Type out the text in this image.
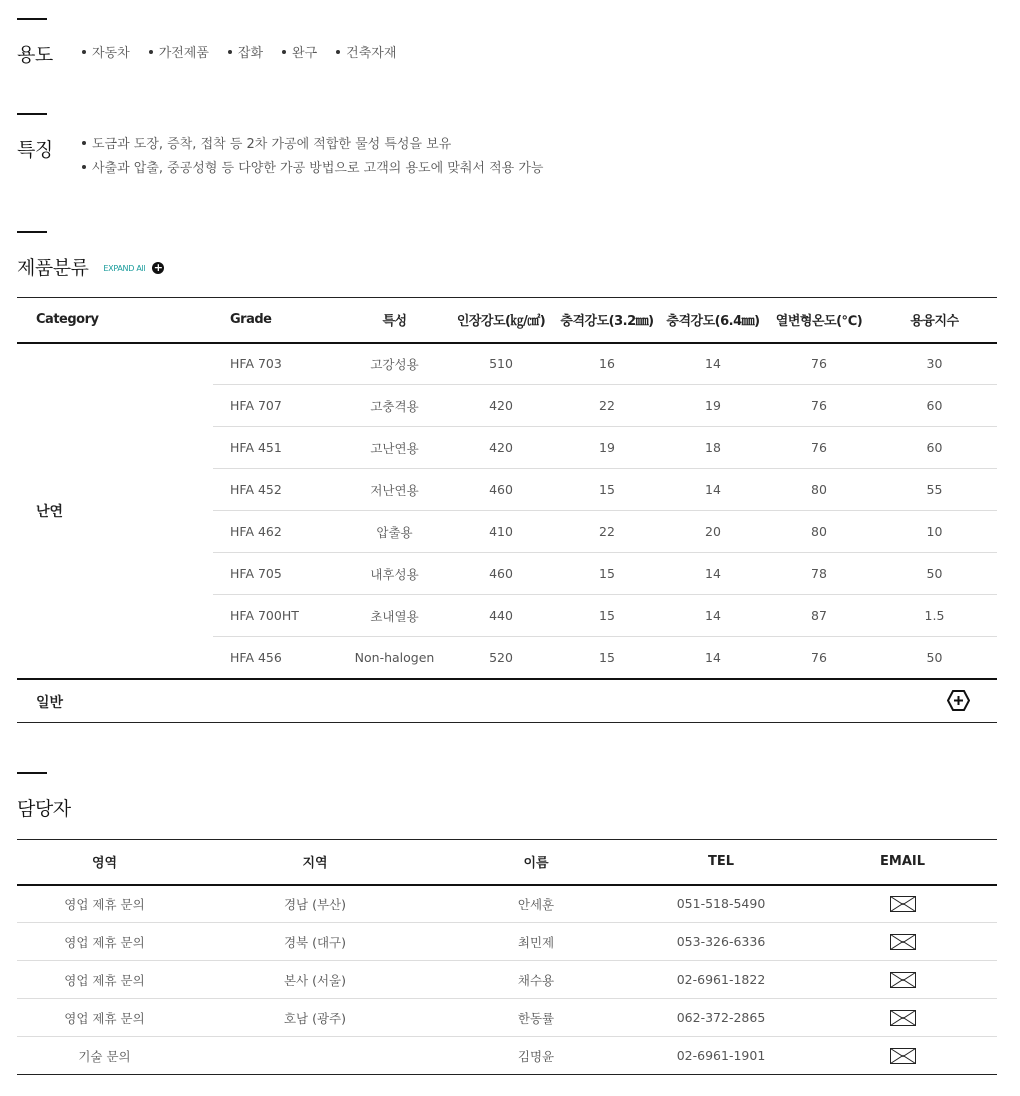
용도	자동차	가전제품	잡화	완구	건축자재
특징	도금과 도장, 증착, 접착 등 2차 가공에 적합한 물성 특성을 보유
사출과 압출, 중공성형 등 다양한 가공 방법으로 고객의 용도에 맞춰서 적용 가능
제품분류 EXPAND All +
Category	Grade	특성	인장강도(㎏/㎠)	충격강도(3.2㎜)	충격강도(6.4㎜)	열변형온도(℃)	용융지수
난연	HFA 703	고강성용	510	16	14	76	30
	HFA 707	고충격용	420	22	19	76	60
	HFA 451	고난연용	420	19	18	76	60
	HFA 452	저난연용	460	15	14	80	55
	HFA 462	압출용	410	22	20	80	10
	HFA 705	내후성용	460	15	14	78	50
	HFA 700HT	초내열용	440	15	14	87	1.5
	HFA 456	Non-halogen	520	15	14	76	50
일반
담당자
영역	지역	이름	TEL	EMAIL
영업 제휴 문의	경남 (부산)	안세훈	051-518-5490	
영업 제휴 문의	경북 (대구)	최민제	053-326-6336	
영업 제휴 문의	본사 (서울)	채수용	02-6961-1822	
영업 제휴 문의	호남 (광주)	한동률	062-372-2865	
기술 문의		김명윤	02-6961-1901	
